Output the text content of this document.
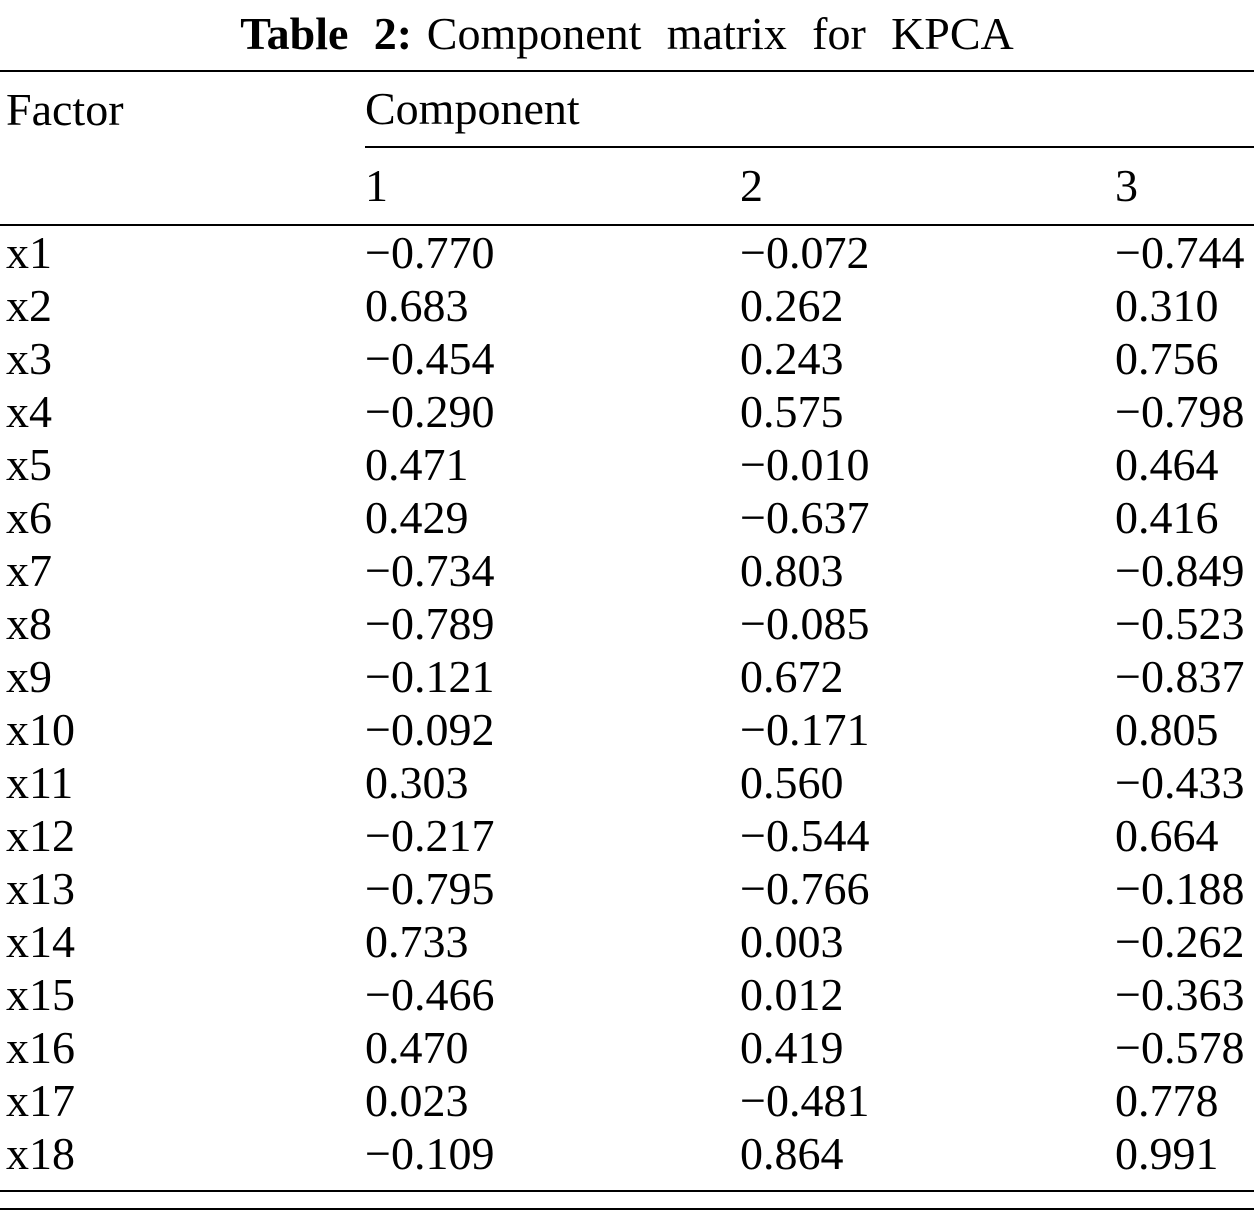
Table 2: Component matrix for KPCA
Factor	Component		
	1	2	3
x1	−0.770	−0.072	−0.744
x2	0.683	0.262	0.310
x3	−0.454	0.243	0.756
x4	−0.290	0.575	−0.798
x5	0.471	−0.010	0.464
x6	0.429	−0.637	0.416
x7	−0.734	0.803	−0.849
x8	−0.789	−0.085	−0.523
x9	−0.121	0.672	−0.837
x10	−0.092	−0.171	0.805
x11	0.303	0.560	−0.433
x12	−0.217	−0.544	0.664
x13	−0.795	−0.766	−0.188
x14	0.733	0.003	−0.262
x15	−0.466	0.012	−0.363
x16	0.470	0.419	−0.578
x17	0.023	−0.481	0.778
x18	−0.109	0.864	0.991
